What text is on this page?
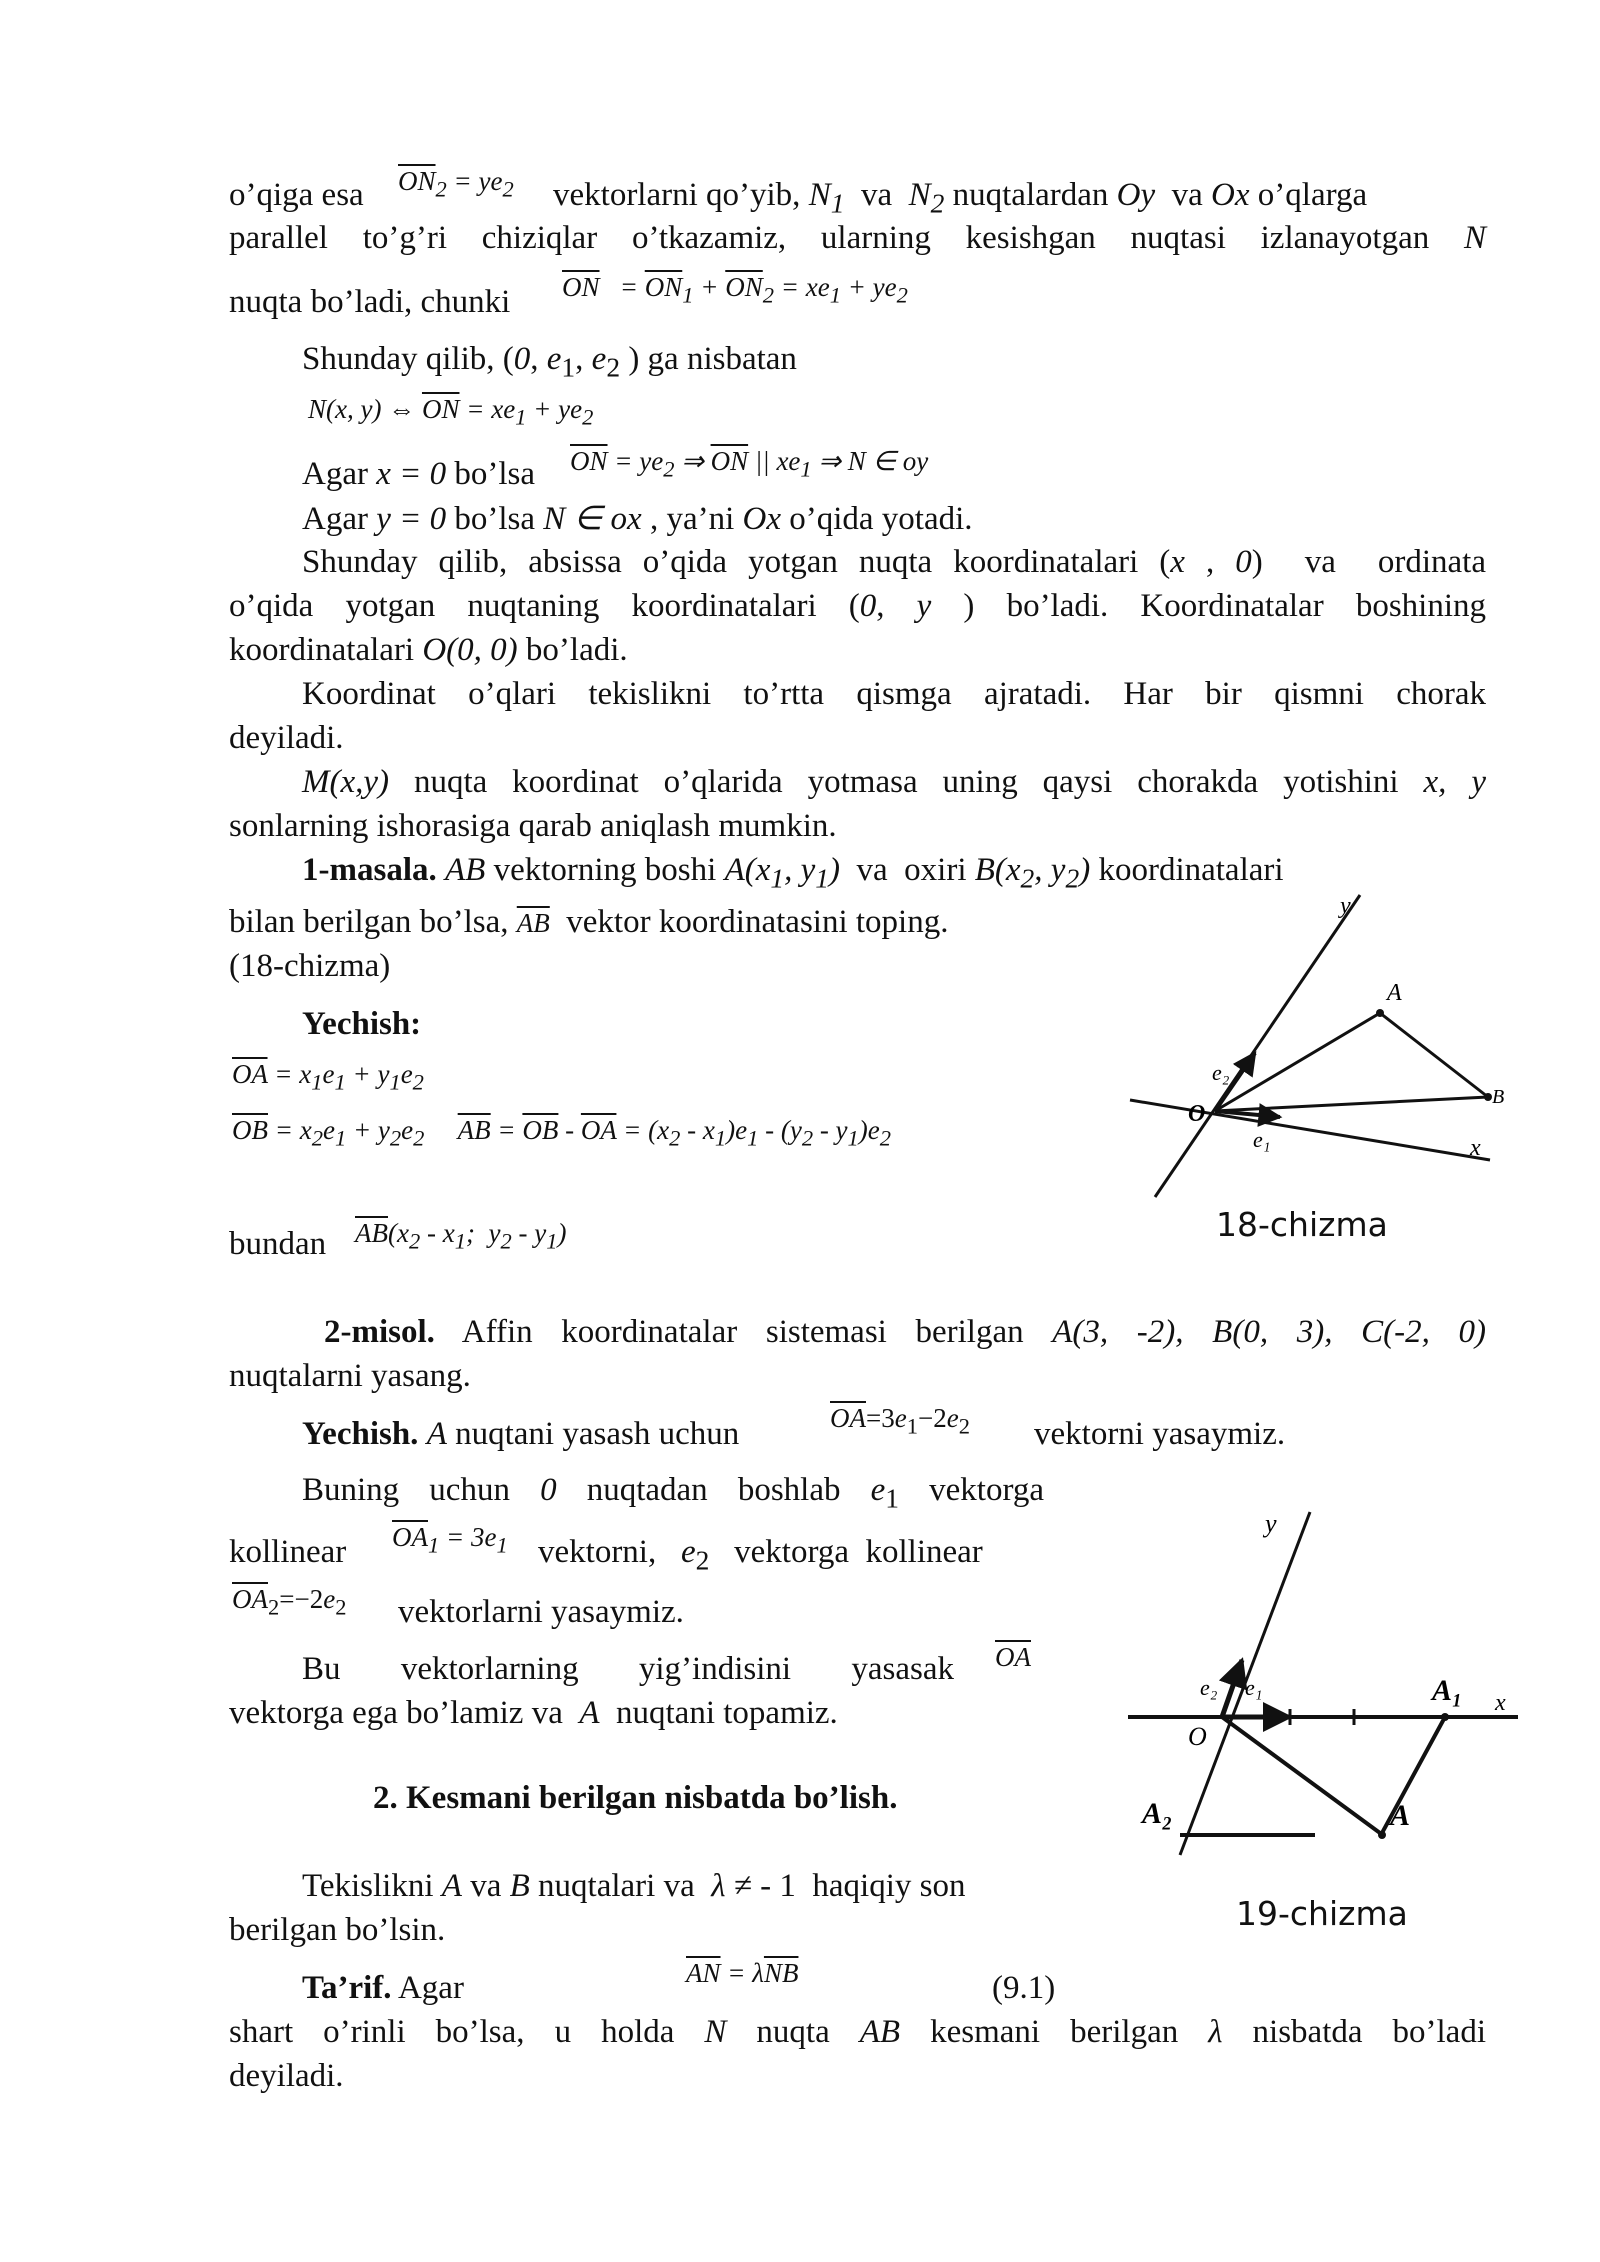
o’qiga esa $\overline{ON}_2 = ye_2$ vektorlarni qo’yib, $N_1$  va  $N_2$ nuqtalardan Oy  va Ox o’qlarga
parallel to’g’ri chiziqlar o’tkazamiz, ularning kesishgan nuqtasi izlanayotgan N
nuqta bo’ladi, chunki $\overline{ON} = \overline{ON}_1 + \overline{ON}_2 = xe_1 + ye_2$
Shunday qilib, (0, $e_1$, $e_2$ ) ga nisbatan
N(x, y) ⇔ $\overline{ON} = xe_1 + ye_2$
Agar x = 0 bo’lsa $\overline{ON} = ye_2$ ⇒ $\overline{ON}$ || $xe_1$ ⇒ N ∈ oy
Agar y = 0 bo’lsa N ∈ ox , ya’ni Ox o’qida yotadi.
Shunday qilib, absissa o’qida yotgan nuqta koordinatalari (x , 0)  va  ordinata
o’qida yotgan nuqtaning koordinatalari (0, y ) bo’ladi. Koordinatalar boshining
koordinatalari O(0, 0) bo’ladi.
Koordinat o’qlari tekislikni to’rtta qismga ajratadi. Har bir qismni chorak
deyiladi.
M(x,y) nuqta koordinat o’qlarida yotmasa uning qaysi chorakda yotishini x, y
sonlarning ishorasiga qarab aniqlash mumkin.
1-masala. AB vektorning boshi $A(x_1$, $y_1$)  va  oxiri $B(x_2$, $y_2$) koordinatalari
bilan berilgan bo’lsa, $\overline{AB}$  vektor koordinatasini toping.
(18-chizma)
Yechish:
$\overline{OA} = x_1e_1 + y_1e_2$
$\overline{OB} = x_2e_1 + y_2e_2$ $\overline{AB} = \overline{OB} - \overline{OA} = (x_2 - x_1)e_1 - (y_2 - y_1)e_2$
bundan $\overline{AB}(x_2 - x_1$;  $y_2 - y_1$)
y
A
B
O
x
e₂
e₁
18-chizma
2-misol. Affin koordinatalar sistemasi berilgan A(3, -2), B(0, 3), C(-2, 0)
nuqtalarni yasang.
Yechish. A nuqtani yasash uchun	$\overline{OA}=3e_1-2e_2$ vektorni yasaymiz.
Buning uchun 0 nuqtadan boshlab $e_1$ vektorga
kollinear $\overline{OA}_1 = 3e_1$ vektorni,   $e_2$   vektorga  kollinear
$\overline{OA}_2=-2e_2$ vektorlarni yasaymiz.
Bu vektorlarning yig’indisini yasasak $\overline{OA}$
vektorga ega bo’lamiz va  A  nuqtani topamiz.
2. Kesmani berilgan nisbatda bo’lish.
y
x
O
A₁
A₂	A
e₂ e₁
19-chizma
Tekislikni A va B nuqtalari va  λ ≠ - 1  haqiqiy son
berilgan bo’lsin.
Ta’rif. Agar	$\overline{AN} = \lambda\overline{NB}$	(9.1)
shart o’rinli bo’lsa, u holda N nuqta AB kesmani berilgan λ nisbatda bo’ladi
deyiladi.
